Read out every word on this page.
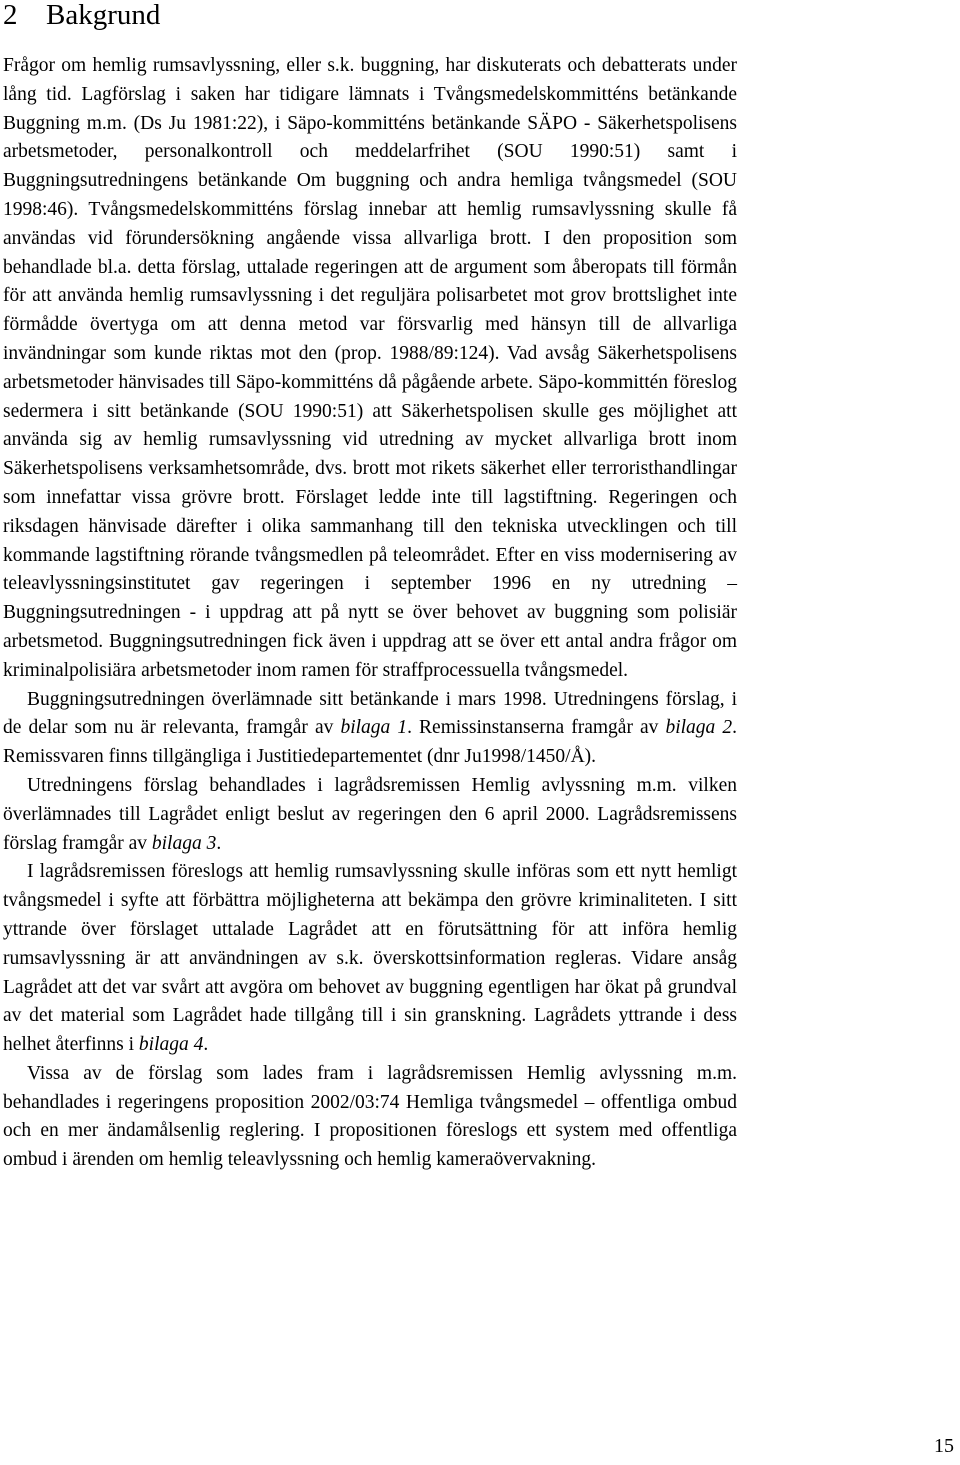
2 Bakgrund

Frågor om hemlig rumsavlyssning, eller s.k. buggning, har diskuterats och debatterats under lång tid. Lagförslag i saken har tidigare lämnats i Tvångsmedelskommitténs betänkande Buggning m.m. (Ds Ju 1981:22), i Säpo-kommitténs betänkande SÄPO - Säkerhetspolisens arbetsmetoder, personalkontroll och meddelarfrihet (SOU 1990:51) samt i Buggningsutredningens betänkande Om buggning och andra hemliga tvångsmedel (SOU 1998:46). Tvångsmedelskommitténs förslag innebar att hemlig rumsavlyssning skulle få användas vid förundersökning angående vissa allvarliga brott. I den proposition som behandlade bl.a. detta förslag, uttalade regeringen att de argument som åberopats till förmån för att använda hemlig rumsavlyssning i det reguljära polisarbetet mot grov brottslighet inte förmådde övertyga om att denna metod var försvarlig med hänsyn till de allvarliga invändningar som kunde riktas mot den (prop. 1988/89:124). Vad avsåg Säkerhetspolisens arbetsmetoder hänvisades till Säpo-kommitténs då pågående arbete. Säpo-kommittén föreslog sedermera i sitt betänkande (SOU 1990:51) att Säkerhetspolisen skulle ges möjlighet att använda sig av hemlig rumsavlyssning vid utredning av mycket allvarliga brott inom Säkerhetspolisens verksamhetsområde, dvs. brott mot rikets säkerhet eller terroristhandlingar som innefattar vissa grövre brott. Förslaget ledde inte till lagstiftning. Regeringen och riksdagen hänvisade därefter i olika sammanhang till den tekniska utvecklingen och till kommande lagstiftning rörande tvångsmedlen på teleområdet. Efter en viss modernisering av teleavlyssningsinstitutet gav regeringen i september 1996 en ny utredning – Buggningsutredningen - i uppdrag att på nytt se över behovet av buggning som polisiär arbetsmetod. Buggningsutredningen fick även i uppdrag att se över ett antal andra frågor om kriminalpolisiära arbetsmetoder inom ramen för straffprocessuella tvångsmedel.

Buggningsutredningen överlämnade sitt betänkande i mars 1998. Utredningens förslag, i de delar som nu är relevanta, framgår av bilaga 1. Remissinstanserna framgår av bilaga 2. Remissvaren finns tillgängliga i Justitiedepartementet (dnr Ju1998/1450/Å).

Utredningens förslag behandlades i lagrådsremissen Hemlig avlyssning m.m. vilken överlämnades till Lagrådet enligt beslut av regeringen den 6 april 2000. Lagrådsremissens förslag framgår av bilaga 3.

I lagrådsremissen föreslogs att hemlig rumsavlyssning skulle införas som ett nytt hemligt tvångsmedel i syfte att förbättra möjligheterna att bekämpa den grövre kriminaliteten. I sitt yttrande över förslaget uttalade Lagrådet att en förutsättning för att införa hemlig rumsavlyssning är att användningen av s.k. överskottsinformation regleras. Vidare ansåg Lagrådet att det var svårt att avgöra om behovet av buggning egentligen har ökat på grundval av det material som Lagrådet hade tillgång till i sin granskning. Lagrådets yttrande i dess helhet återfinns i bilaga 4.

Vissa av de förslag som lades fram i lagrådsremissen Hemlig avlyssning m.m. behandlades i regeringens proposition 2002/03:74 Hemliga tvångsmedel – offentliga ombud och en mer ändamålsenlig reglering. I propositionen föreslogs ett system med offentliga ombud i ärenden om hemlig teleavlyssning och hemlig kameraövervakning.

15
